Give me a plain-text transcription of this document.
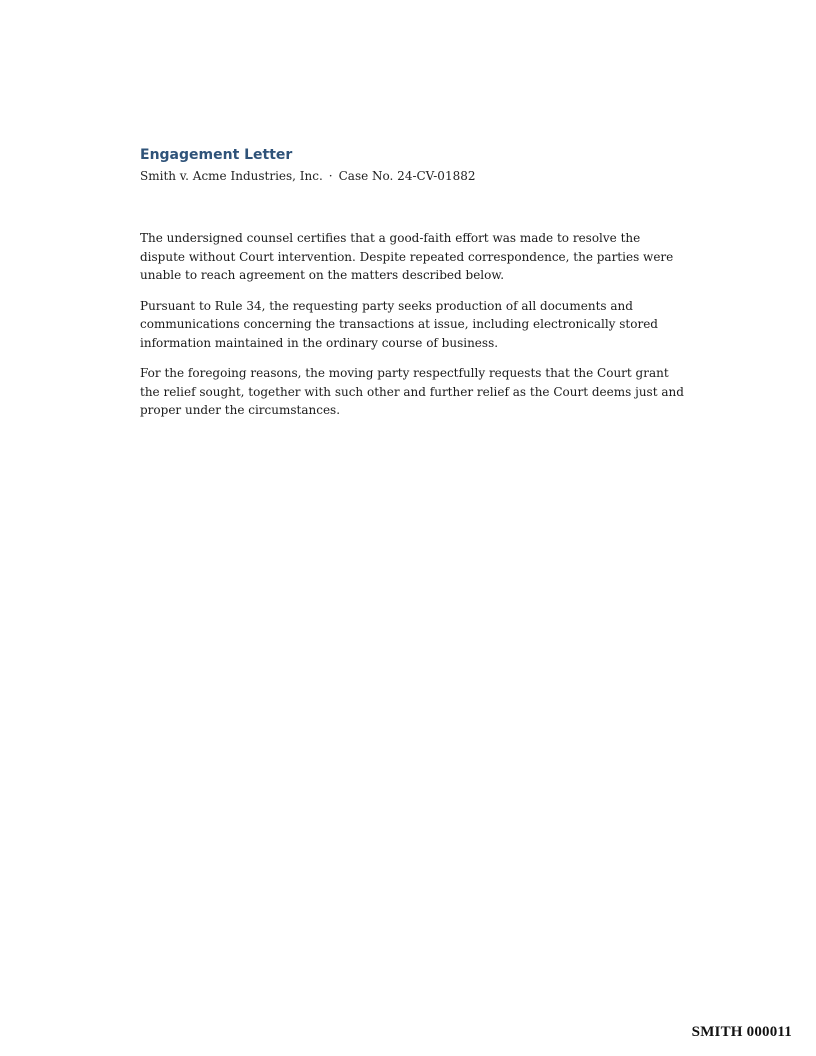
Engagement Letter
Smith v. Acme Industries, Inc. · Case No. 24-CV-01882

The undersigned counsel certifies that a good-faith effort was made to resolve the dispute without Court intervention. Despite repeated correspondence, the parties were unable to reach agreement on the matters described below.

Pursuant to Rule 34, the requesting party seeks production of all documents and communications concerning the transactions at issue, including electronically stored information maintained in the ordinary course of business.

For the foregoing reasons, the moving party respectfully requests that the Court grant the relief sought, together with such other and further relief as the Court deems just and proper under the circumstances.

SMITH 000011
